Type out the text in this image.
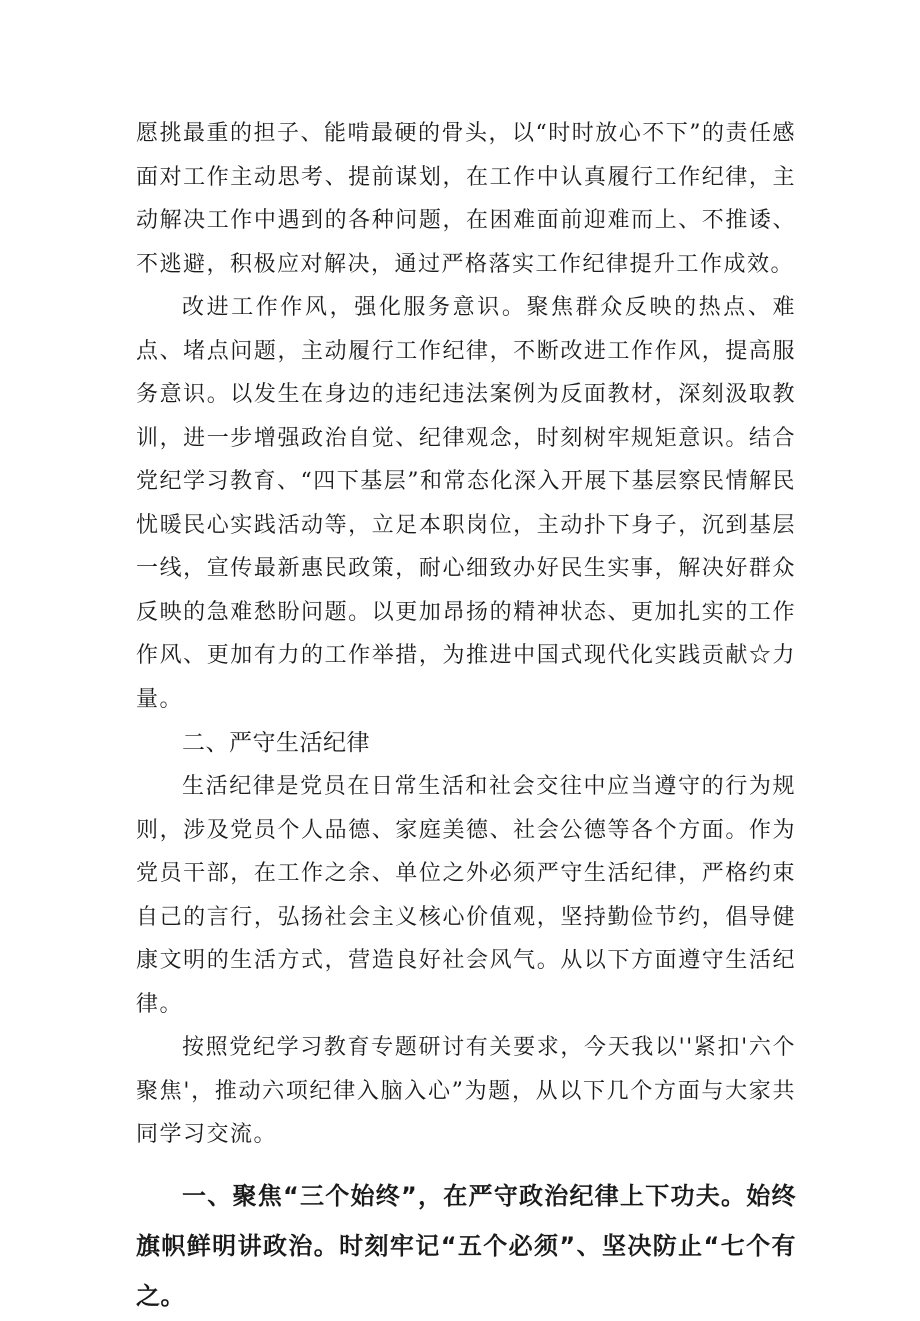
愿挑最重的担子、能啃最硬的骨头，以“时时放心不下”的责任感面对工作主动思考、提前谋划，在工作中认真履行工作纪律，主动解决工作中遇到的各种问题，在困难面前迎难而上、不推诿、不逃避，积极应对解决，通过严格落实工作纪律提升工作成效。

改进工作作风，强化服务意识。聚焦群众反映的热点、难点、堵点问题，主动履行工作纪律，不断改进工作作风，提高服务意识。以发生在身边的违纪违法案例为反面教材，深刻汲取教训，进一步增强政治自觉、纪律观念，时刻树牢规矩意识。结合党纪学习教育、“四下基层”和常态化深入开展下基层察民情解民忧暖民心实践活动等，立足本职岗位，主动扑下身子，沉到基层一线，宣传最新惠民政策，耐心细致办好民生实事，解决好群众反映的急难愁盼问题。以更加昂扬的精神状态、更加扎实的工作作风、更加有力的工作举措，为推进中国式现代化实践贡献☆力量。

二、严守生活纪律

生活纪律是党员在日常生活和社会交往中应当遵守的行为规则，涉及党员个人品德、家庭美德、社会公德等各个方面。作为党员干部，在工作之余、单位之外必须严守生活纪律，严格约束自己的言行，弘扬社会主义核心价值观，坚持勤俭节约，倡导健康文明的生活方式，营造良好社会风气。从以下方面遵守生活纪律。

按照党纪学习教育专题研讨有关要求，今天我以''紧扣'六个聚焦'，推动六项纪律入脑入心”为题，从以下几个方面与大家共同学习交流。

一、聚焦“三个始终”，在严守政治纪律上下功夫。始终旗帜鲜明讲政治。时刻牢记“五个必须”、坚决防止“七个有之。
